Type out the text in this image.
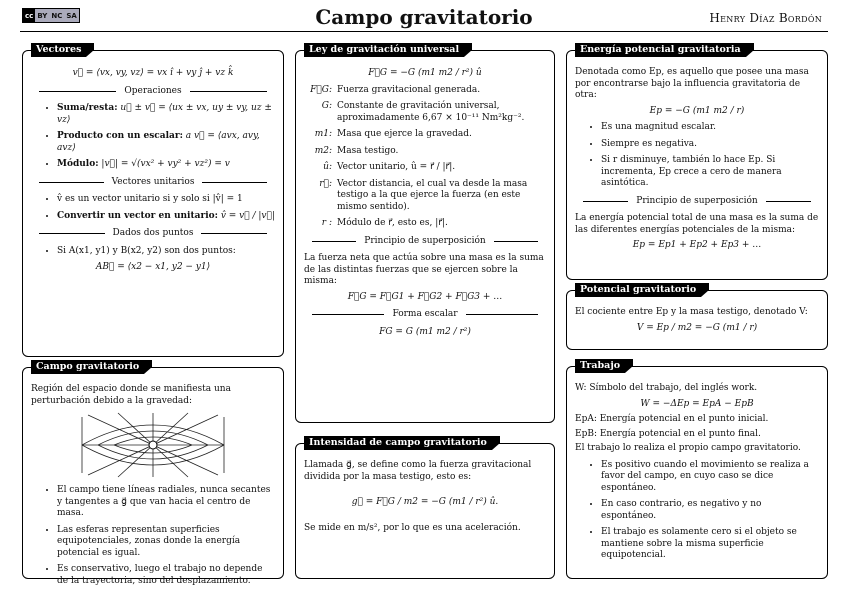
cc BY NC SA	Campo gravitatorio	Henry Díaz Bordón
Vectores
v⃗ = ⟨vx, vy, vz⟩ = vx î + vy ĵ + vz k̂
Operaciones
• Suma/resta: u⃗ ± v⃗ = ⟨ux ± vx, uy ± vy, uz ± vz⟩
• Producto con un escalar: a v⃗ = ⟨avx, avy, avz⟩
• Módulo: |v⃗| = √(vx² + vy² + vz²) = v
Vectores unitarios
• v̂ es un vector unitario si y solo si |v̂| = 1
• Convertir un vector en unitario: v̂ = v⃗ / |v⃗|
Dados dos puntos
• Si A(x1, y1) y B(x2, y2) son dos puntos:
AB⃗ = ⟨x2 − x1, y2 − y1⟩
Campo gravitatorio

Región del espacio donde se manifiesta una perturbación debido a la gravedad:

• El campo tiene líneas radiales, nunca secantes y tangentes a g⃗ que van hacia el centro de masa.
• Las esferas representan superficies equipotenciales, zonas donde la energía potencial es igual.
• Es conservativo, luego el trabajo no depende de la trayectoria, sino del desplazamiento.
Ley de gravitación universal
F⃗G = −G (m1 m2 / r²) û
F⃗G: Fuerza gravitacional generada.
G: Constante de gravitación universal, aproximadamente 6,67 × 10⁻¹¹ Nm²kg⁻².
m1: Masa que ejerce la gravedad.
m2: Masa testigo.
û: Vector unitario, û = r⃗ / |r⃗|.
r⃗: Vector distancia, el cual va desde la masa testigo a la que ejerce la fuerza (en este mismo sentido).
r : Módulo de r⃗, esto es, |r⃗|.
Principio de superposición

La fuerza neta que actúa sobre una masa es la suma de las distintas fuerzas que se ejercen sobre la misma:

F⃗G = F⃗G1 + F⃗G2 + F⃗G3 + …
Forma escalar
FG = G (m1 m2 / r²)
Intensidad de campo gravitatorio

Llamada g⃗, se define como la fuerza gravitacional dividida por la masa testigo, esto es:

g⃗ = F⃗G / m2 = −G (m1 / r²) û.

Se mide en m/s², por lo que es una aceleración.

Energía potencial gravitatoria

Denotada como Ep, es aquello que posee una masa por encontrarse bajo la influencia gravitatoria de otra:

Ep = −G (m1 m2 / r)
• Es una magnitud escalar.
• Siempre es negativa.
• Si r disminuye, también lo hace Ep. Si incrementa, Ep crece a cero de manera asintótica.
Principio de superposición

La energía potencial total de una masa es la suma de las diferentes energías potenciales de la misma:

Ep = Ep1 + Ep2 + Ep3 + …
Potencial gravitatorio

El cociente entre Ep y la masa testigo, denotado V:

V = Ep / m2 = −G (m1 / r)
Trabajo

W: Símbolo del trabajo, del inglés work.

W = −ΔEp = EpA − EpB

EpA: Energía potencial en el punto inicial.

EpB: Energía potencial en el punto final.

El trabajo lo realiza el propio campo gravitatorio.

• Es positivo cuando el movimiento se realiza a favor del campo, en cuyo caso se dice espontáneo.
• En caso contrario, es negativo y no espontáneo.
• El trabajo es solamente cero si el objeto se mantiene sobre la misma superficie equipotencial.
